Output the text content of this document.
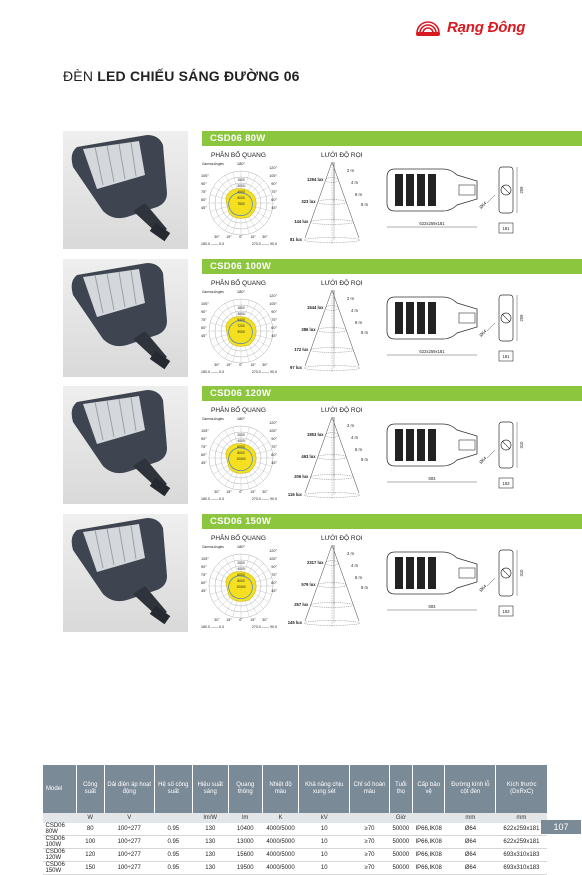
Rạng Đông
ĐÈN LED CHIẾU SÁNG ĐƯỜNG 06
CSD06 80W
PHÂN BỐ QUANG	LƯỚI ĐỘ RỌI
Gamma Angles	180°
1500
3000
4500
6000
7500
105°
90°
75°
60°
45°
120°
105°
90°
75°
60°
45°
30° 15° 0° 15° 30°
180.0 —— 0.0	270.0 —— 90.0
1294 lux
323 lux
144 lux
81 lux
2 m
4 m
6 m
8 m
622x259x181
Ø64
259
181
CSD06 100W
PHÂN BỐ QUANG	LƯỚI ĐỘ RỌI
Gamma Angles	180°
1800
3600
5400
7200
9000
105°
90°
75°
60°
45°
120°
105°
90°
75°
60°
45°
30° 15° 0° 15° 30°
180.0 —— 0.0	270.0 —— 90.0
1544 lux
386 lux
172 lux
97 lux
2 m
4 m
6 m
8 m
622x259x181
Ø64
259
181
CSD06 120W
PHÂN BỐ QUANG	LƯỚI ĐỘ RỌI
Gamma Angles	180°
2000
4000
6000
8000
10000
105°
90°
75°
60°
45°
120°
105°
90°
75°
60°
45°
30° 15° 0° 15° 30°
180.0 —— 0.0	270.0 —— 90.0
1853 lux
463 lux
206 lux
116 lux
2 m
4 m
6 m
8 m
693
Ø64
310
183
CSD06 150W
PHÂN BỐ QUANG	LƯỚI ĐỘ RỌI
Gamma Angles	180°
2000
4000
6000
8000
10000
105°
90°
75°
60°
45°
120°
105°
90°
75°
60°
45°
30° 15° 0° 15° 30°
180.0 —— 0.0	270.0 —— 90.0
2317 lux
579 lux
257 lux
145 lux
2 m
4 m
6 m
8 m
693
Ø64
310
183
Model	Công suất	Dải điện áp hoạt động	Hệ số công suất	Hiệu suất sáng	Quang thông	Nhiệt độ màu	Khả năng chịu xung sét	Chỉ số hoàn màu	Tuổi thọ	Cấp bảo vệ	Đường kính lỗ cột đèn	Kích thước (DxRxC)
	W	V		lm/W	lm	K	kV		Giờ		mm	mm
CSD06 80W	80	100÷277	0.95	130	10400	4000/5000	10	≥70	50000	IP66,IK08	Ø64	622x259x181
CSD06 100W	100	100÷277	0.95	130	13000	4000/5000	10	≥70	50000	IP66,IK08	Ø64	622x259x181
CSD06 120W	120	100÷277	0.95	130	15600	4000/5000	10	≥70	50000	IP66,IK08	Ø64	693x310x183
CSD06 150W	150	100÷277	0.95	130	19500	4000/5000	10	≥70	50000	IP66,IK08	Ø64	693x310x183
107
